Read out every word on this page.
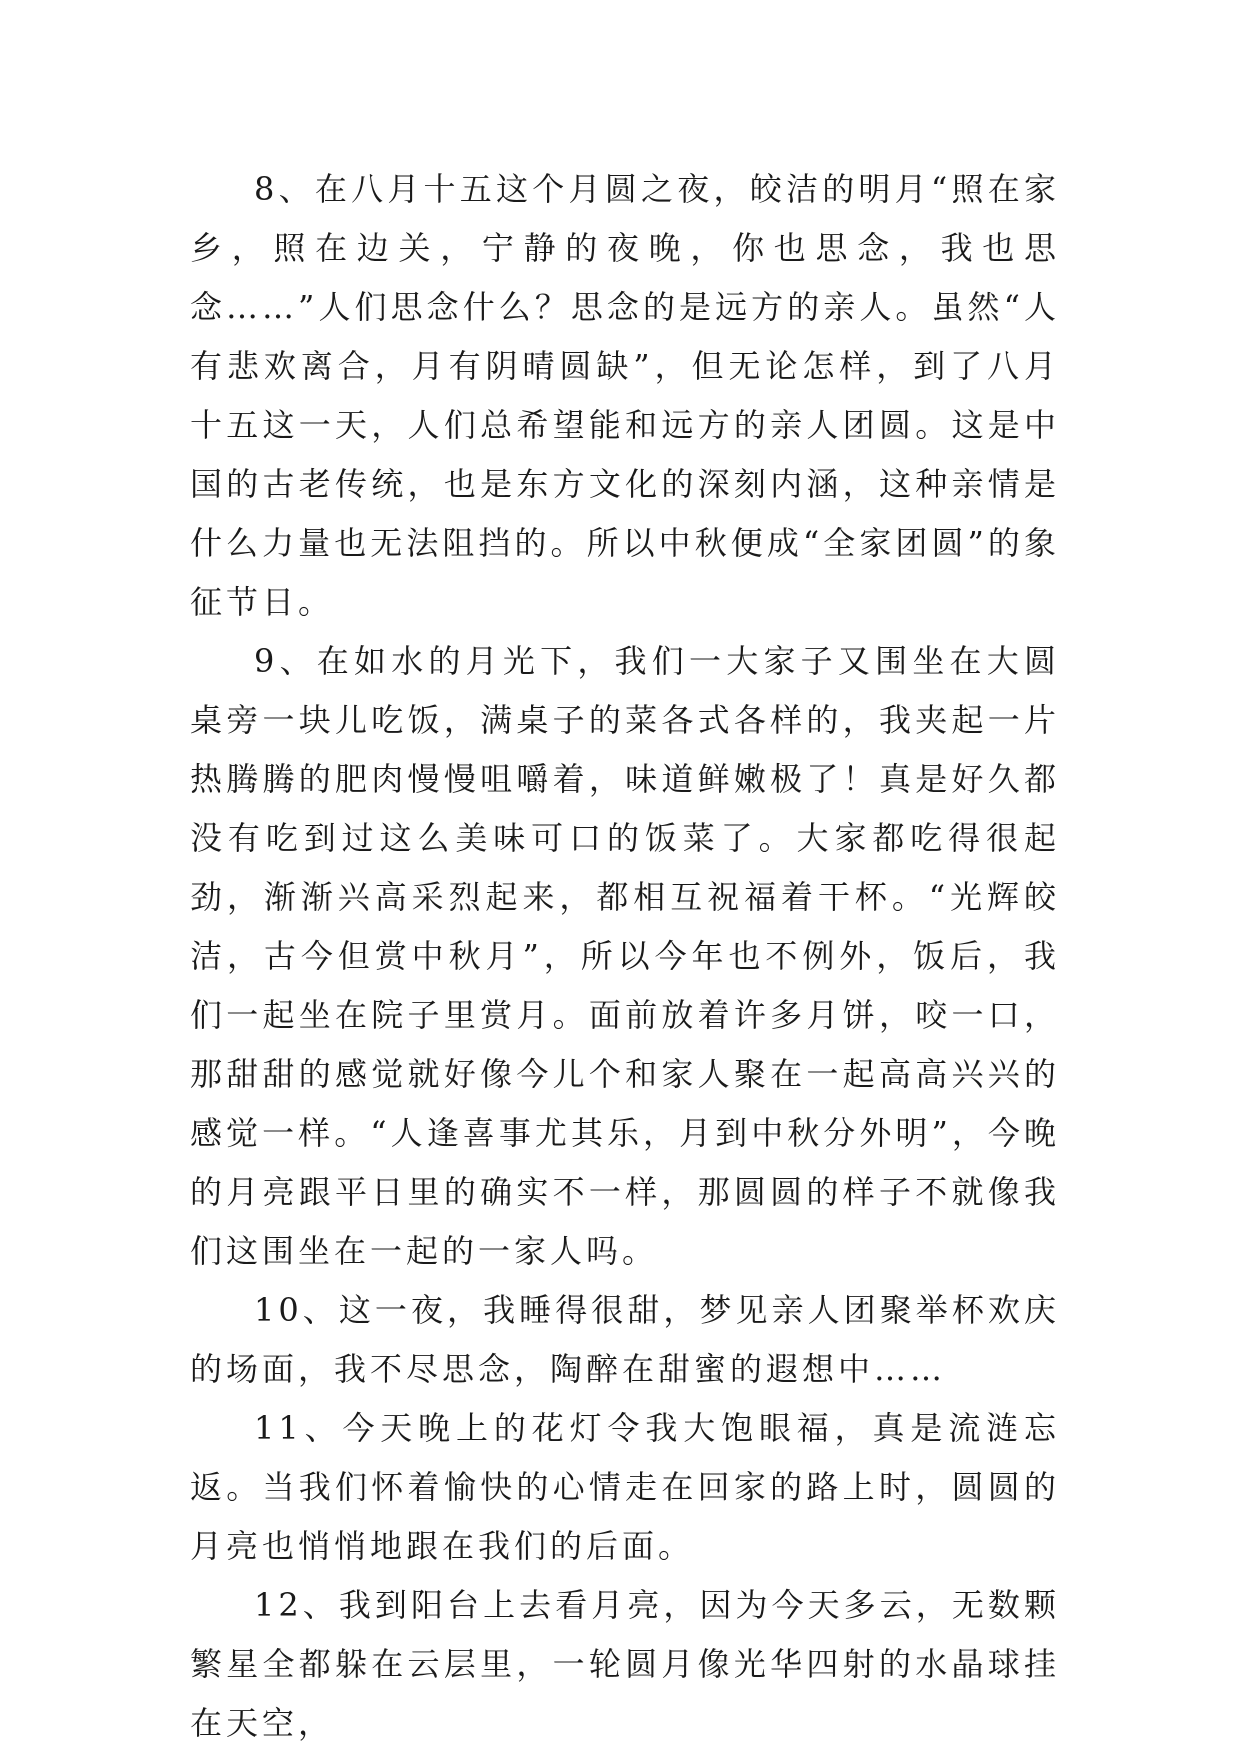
8、在八月十五这个月圆之夜，皎洁的明月“照在家乡，照在边关，宁静的夜晚，你也思念，我也思念……”人们思念什么？思念的是远方的亲人。虽然“人有悲欢离合，月有阴晴圆缺”，但无论怎样，到了八月十五这一天，人们总希望能和远方的亲人团圆。这是中国的古老传统，也是东方文化的深刻内涵，这种亲情是什么力量也无法阻挡的。所以中秋便成“全家团圆”的象征节日。

9、在如水的月光下，我们一大家子又围坐在大圆桌旁一块儿吃饭，满桌子的菜各式各样的，我夹起一片热腾腾的肥肉慢慢咀嚼着，味道鲜嫩极了！真是好久都没有吃到过这么美味可口的饭菜了。大家都吃得很起劲，渐渐兴高采烈起来，都相互祝福着干杯。“光辉皎洁，古今但赏中秋月”，所以今年也不例外，饭后，我们一起坐在院子里赏月。面前放着许多月饼，咬一口，那甜甜的感觉就好像今儿个和家人聚在一起高高兴兴的感觉一样。“人逢喜事尤其乐，月到中秋分外明”，今晚的月亮跟平日里的确实不一样，那圆圆的样子不就像我们这围坐在一起的一家人吗。

10、这一夜，我睡得很甜，梦见亲人团聚举杯欢庆的场面，我不尽思念，陶醉在甜蜜的遐想中……

11、今天晚上的花灯令我大饱眼福，真是流涟忘返。当我们怀着愉快的心情走在回家的路上时，圆圆的月亮也悄悄地跟在我们的后面。

12、我到阳台上去看月亮，因为今天多云，无数颗繁星全都躲在云层里，一轮圆月像光华四射的水晶球挂在天空，
